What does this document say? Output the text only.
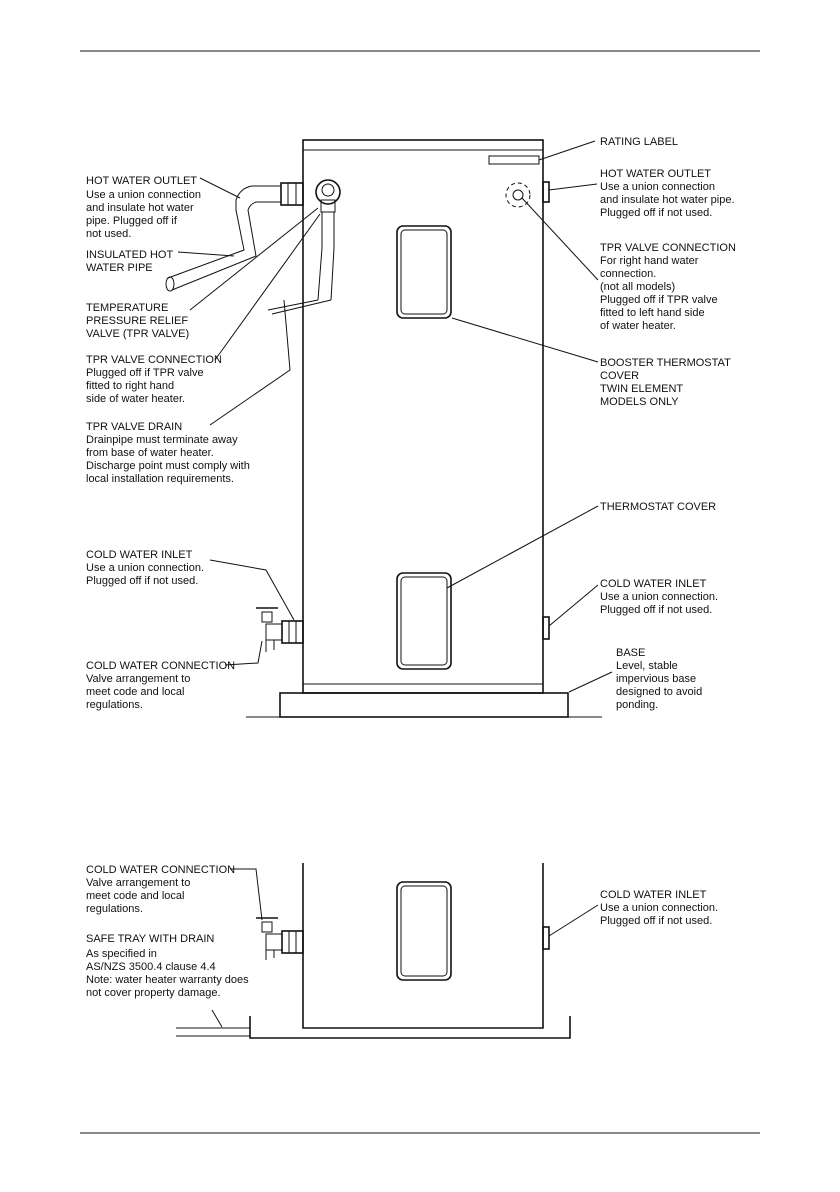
HOT WATER OUTLET
Use a union connection
and insulate hot water
pipe. Plugged off if
not used.
INSULATED HOT
WATER PIPE
TEMPERATURE
PRESSURE RELIEF
VALVE (TPR VALVE)
TPR VALVE CONNECTION
Plugged off if TPR valve
fitted to right hand
side of water heater.
TPR VALVE DRAIN
Drainpipe must terminate away
from base of water heater.
Discharge point must comply with
local installation requirements.
COLD WATER INLET
Use a union connection.
Plugged off if not used.
COLD WATER CONNECTION
Valve arrangement to
meet code and local
regulations.
RATING LABEL
HOT WATER OUTLET
Use a union connection
and insulate hot water pipe.
Plugged off if not used.
TPR VALVE CONNECTION
For right hand water
connection.
(not all models)
Plugged off if TPR valve
fitted to left hand side
of water heater.
BOOSTER THERMOSTAT
COVER
TWIN ELEMENT
MODELS ONLY
THERMOSTAT COVER
COLD WATER INLET
Use a union connection.
Plugged off if not used.
BASE
Level, stable
impervious base
designed to avoid
ponding.
COLD WATER CONNECTION
Valve arrangement to
meet code and local
regulations.
SAFE TRAY WITH DRAIN
As specified in
AS/NZS 3500.4 clause 4.4
Note: water heater warranty does
not cover property damage.
COLD WATER INLET
Use a union connection.
Plugged off if not used.
